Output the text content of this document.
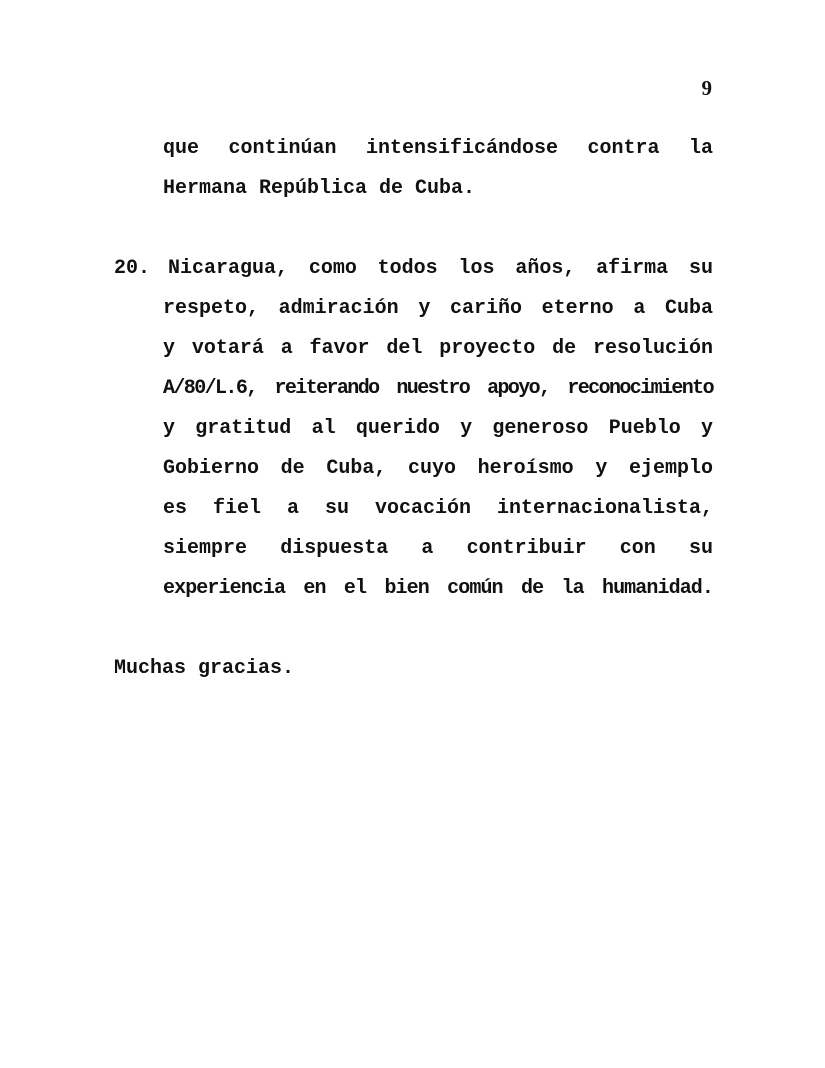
9
que continúan intensificándose contra la
Hermana República de Cuba.
20. Nicaragua, como todos los años, afirma su
respeto, admiración y cariño eterno a Cuba
y votará a favor del proyecto de resolución
A/80/L.6, reiterando nuestro apoyo, reconocimiento
y gratitud al querido y generoso Pueblo y
Gobierno de Cuba, cuyo heroísmo y ejemplo
es fiel a su vocación internacionalista,
siempre dispuesta a contribuir con su
experiencia en el bien común de la humanidad.
Muchas gracias.
